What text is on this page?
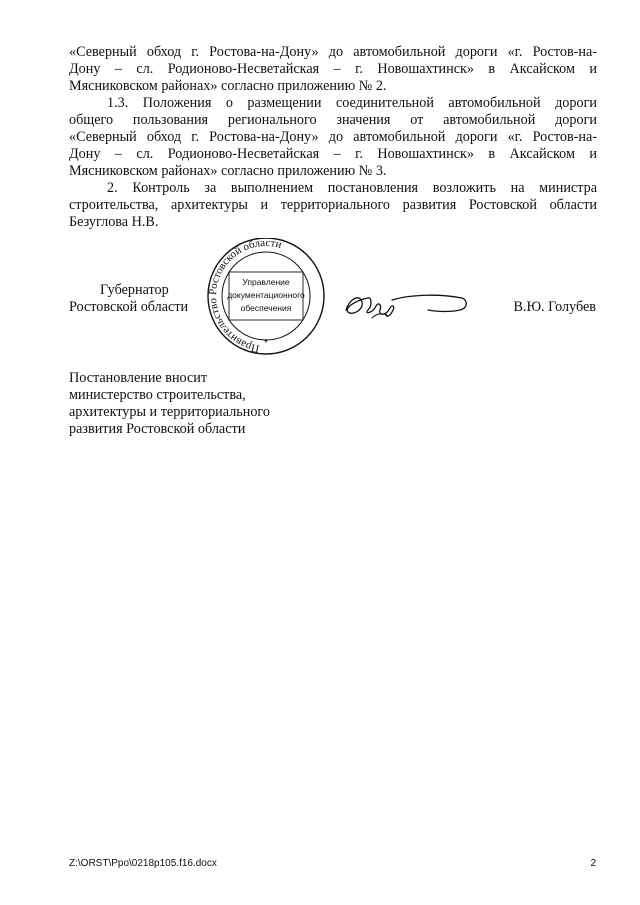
«Северный обход г. Ростова-на-Дону» до автомобильной дороги «г. Ростов-на-
Дону – сл. Родионово-Несветайская – г. Новошахтинск» в Аксайском и
Мясниковском районах» согласно приложению № 2.
1.3. Положения о размещении соединительной автомобильной дороги
общего пользования регионального значения от автомобильной дороги
«Северный обход г. Ростова-на-Дону» до автомобильной дороги «г. Ростов-на-
Дону – сл. Родионово-Несветайская – г. Новошахтинск» в Аксайском и
Мясниковском районах» согласно приложению № 3.
2. Контроль за выполнением постановления возложить на министра
строительства, архитектуры и территориального развития Ростовской области
Безуглова Н.В.
Губернатор
Ростовской области	В.Ю. Голубев
Правительство Ростовской области
Управление
документационного
обеспечения
*
Постановление вносит
министерство строительства,
архитектуры и территориального
развития Ростовской области
Z:\ORST\Ppo\0218p105.f16.docx	2
